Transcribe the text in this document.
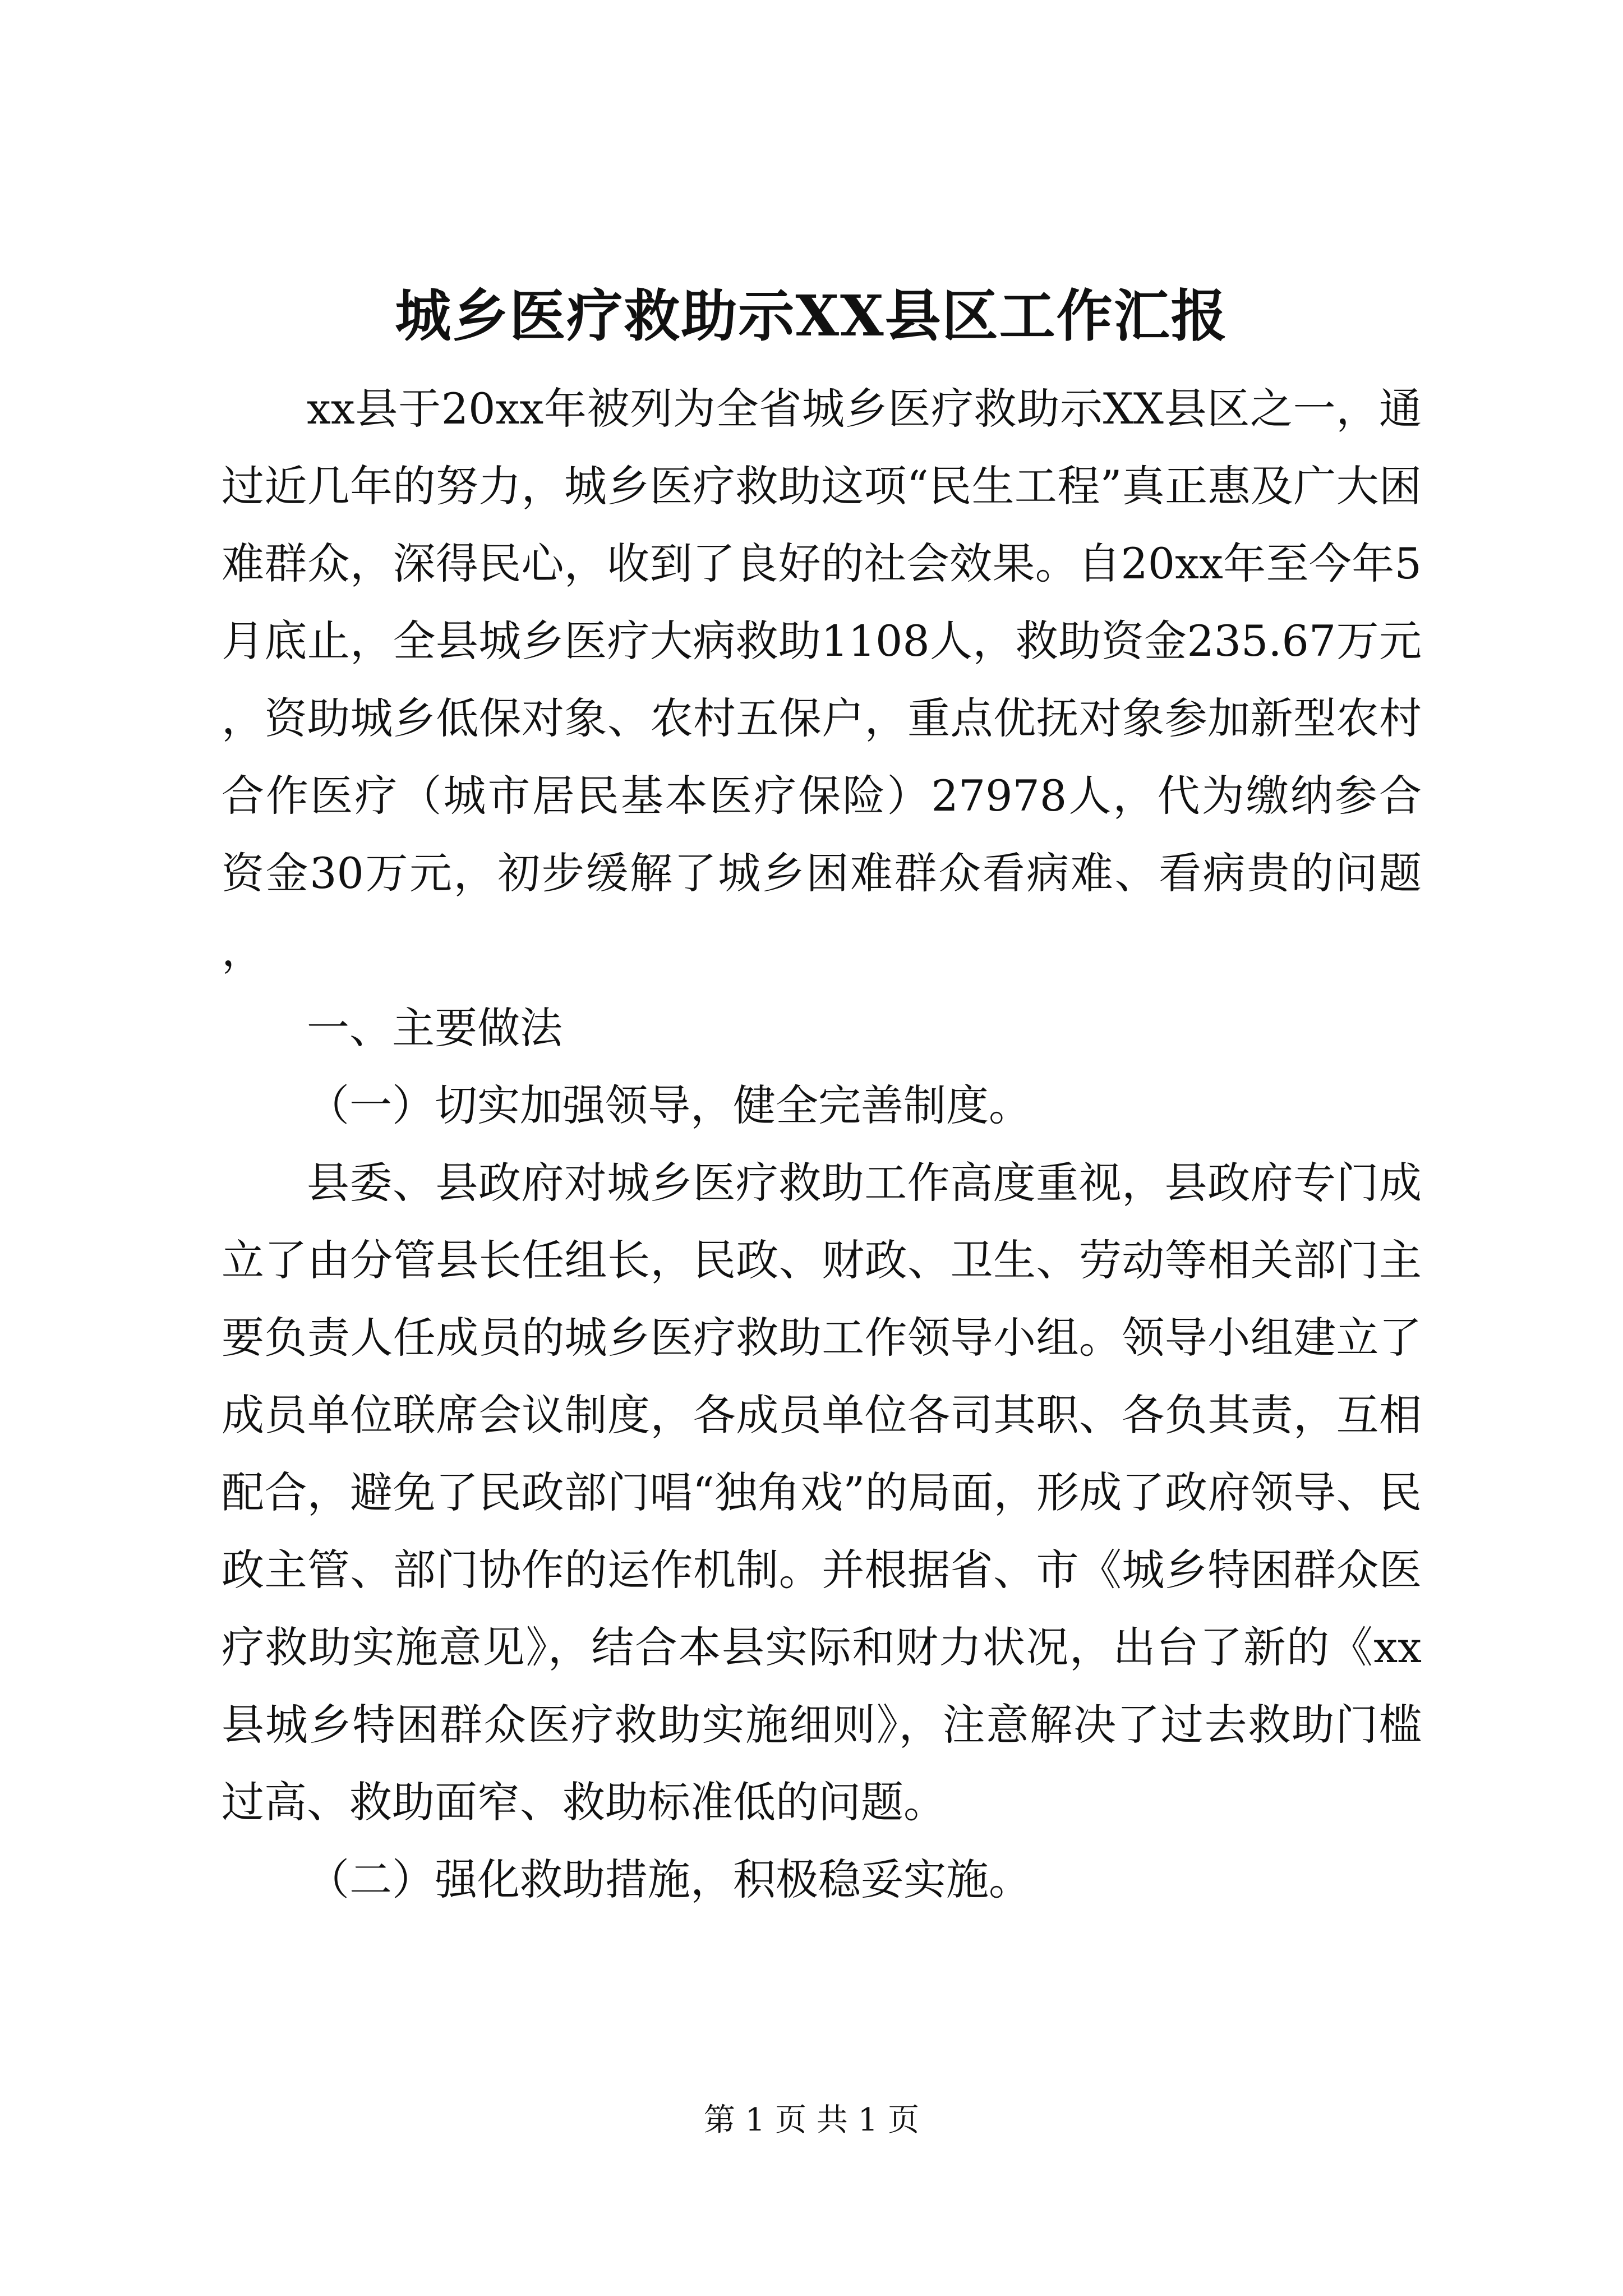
城乡医疗救助示XX县区工作汇报

xx县于20xx年被列为全省城乡医疗救助示XX县区之一，通过近几年的努力，城乡医疗救助这项“民生工程”真正惠及广大困难群众，深得民心，收到了良好的社会效果。自20xx年至今年5月底止，全县城乡医疗大病救助1108人，救助资金235.67万元，资助城乡低保对象、农村五保户，重点优抚对象参加新型农村合作医疗（城市居民基本医疗保险）27978人，代为缴纳参合资金30万元，初步缓解了城乡困难群众看病难、看病贵的问题，

一、主要做法

（一）切实加强领导，健全完善制度。

县委、县政府对城乡医疗救助工作高度重视，县政府专门成立了由分管县长任组长，民政、财政、卫生、劳动等相关部门主要负责人任成员的城乡医疗救助工作领导小组。领导小组建立了成员单位联席会议制度，各成员单位各司其职、各负其责，互相配合，避免了民政部门唱“独角戏”的局面，形成了政府领导、民政主管、部门协作的运作机制。并根据省、市《城乡特困群众医疗救助实施意见》，结合本县实际和财力状况，出台了新的《xx县城乡特困群众医疗救助实施细则》，注意解决了过去救助门槛过高、救助面窄、救助标准低的问题。

（二）强化救助措施，积极稳妥实施。

第 1 页 共 1 页
